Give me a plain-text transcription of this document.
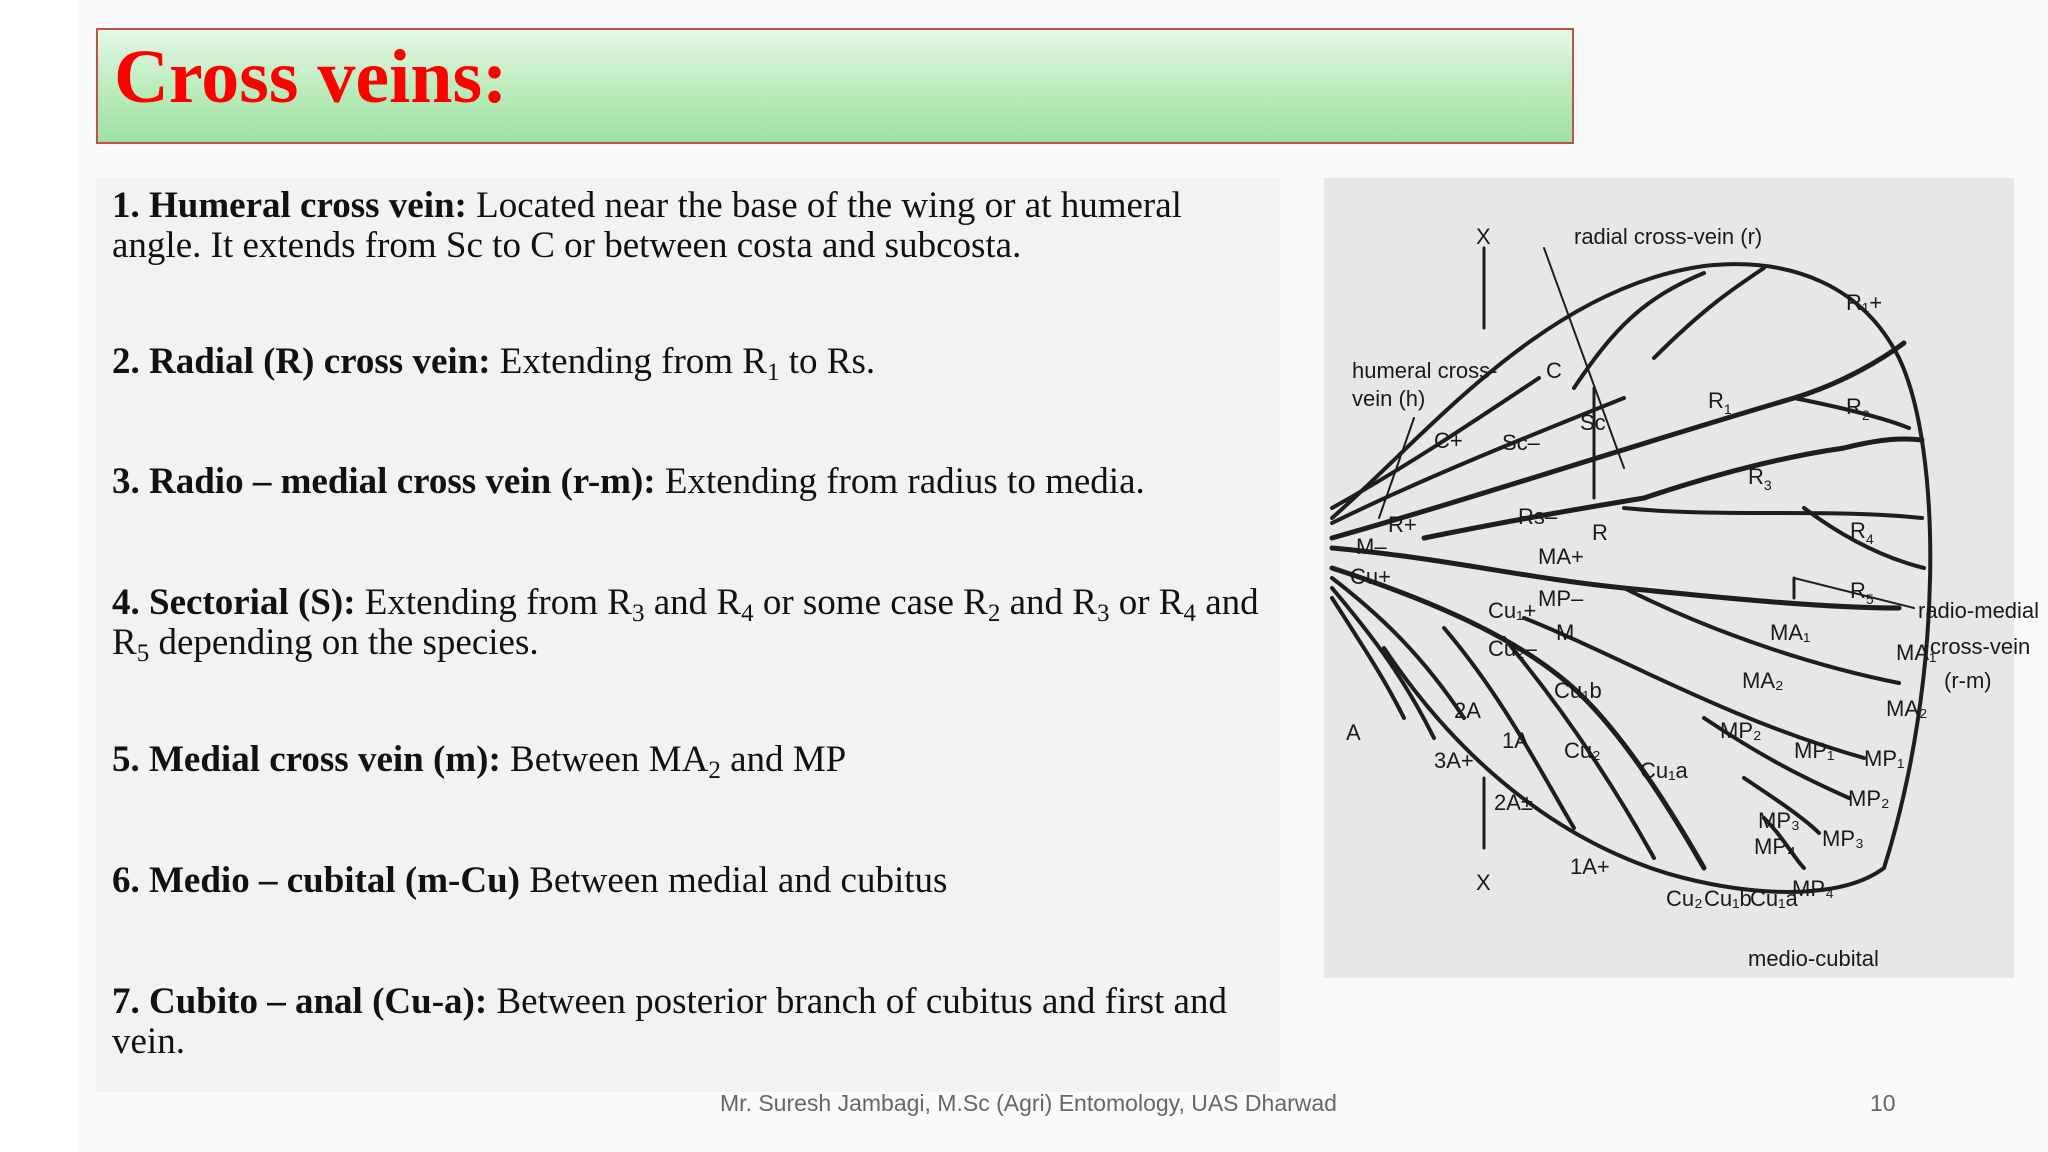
Cross veins:
1. Humeral cross vein: Located near the base of the wing or at humeral angle. It extends from Sc to C or between costa and subcosta.
2. Radial (R) cross vein: Extending from $R_1$ to Rs.
3. Radio – medial cross vein (r-m): Extending from radius to media.
4. Sectorial (S): Extending from $R_3$ and $R_4$ or some case $R_2$ and $R_3$ or $R_4$ and $R_5$ depending on the species.
5. Medial cross vein (m): Between $MA_2$ and MP
6. Medio – cubital (m-Cu) Between medial and cubitus
7. Cubito – anal (Cu-a): Between posterior branch of cubitus and first and vein.
radial cross-vein (r)
humeral cross-
vein (h)
X
C
C+ Sc–
Sc
R+	Rs–
R
$R_1$	$R_2$
$R_3$
$R_4$
$R_5$
R₁+
M–
Cu+
MA+
MP–
M
Cu₁+
Cu₂–
MA₁
MA₂
MP₂
MP₁
MP₃
MP₄
MA₁
MA₂
MP₁
MP₂
MP₃
MP₄
radio-medial
cross-vein
(r-m)
A
3A+
2A
1A
2A±
1A+
X
Cu₁b
Cu₂
Cu₁a
Cu₂ Cu₁b
Cu₁a
medio-cubital
Mr. Suresh Jambagi, M.Sc (Agri) Entomology, UAS Dharwad	10
